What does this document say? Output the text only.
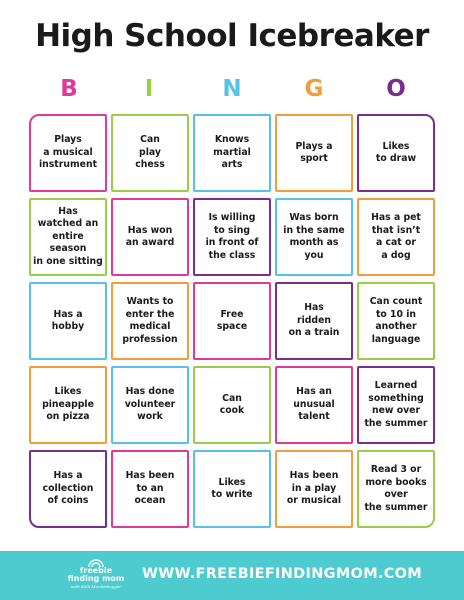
High School Icebreaker
B	I	N	G	O
Plays
a musical
instrument
Can
play
chess
Knows
martial
arts
Plays a
sport
Likes
to draw
Has
watched an
entire season
in one sitting
Has won
an award
Is willing
to sing
in front of
the class
Was born
in the same
month as
you
Has a pet
that isn’t
a cat or
a dog
Has a
hobby
Wants to
enter the
medical
profession
Free
space
Has
ridden
on a train
Can count
to 10 in
another
language
Likes
pineapple
on pizza
Has done
volunteer
work
Can
cook
Has an
unusual
talent
Learned
something
new over
the summer
Has a
collection
of coins
Has been
to an
ocean
Likes
to write
Has been
in a play
or musical
Read 3 or
more books
over
the summer
freebie
finding mom
with Kelli Muntashogger
WWW.FREEBIEFINDINGMOM.COM
